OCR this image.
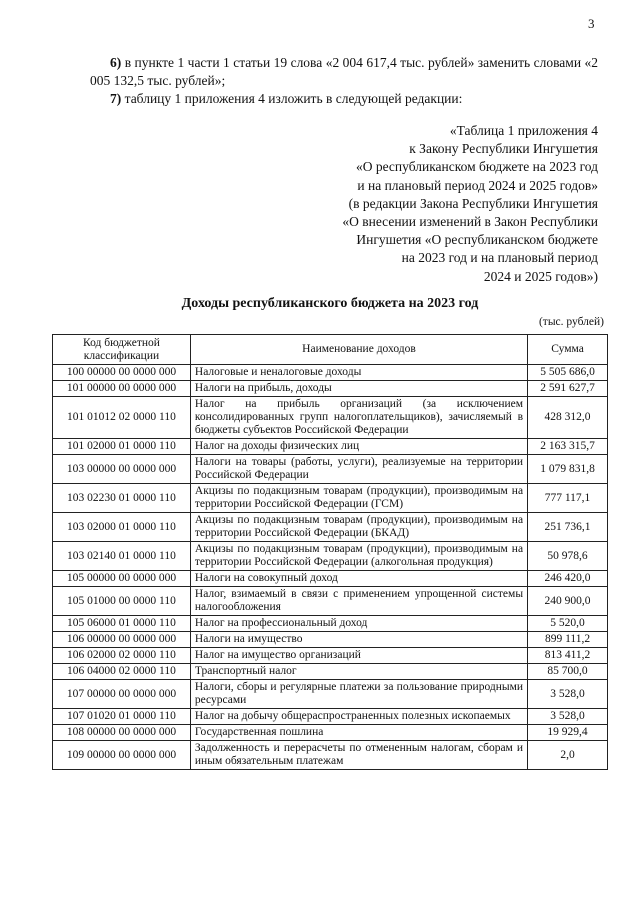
3
6) в пункте 1 части 1 статьи 19 слова «2 004 617,4 тыс. рублей» заменить словами «2 005 132,5 тыс. рублей»;
7) таблицу 1 приложения 4 изложить в следующей редакции:
«Таблица 1 приложения 4
к Закону Республики Ингушетия
«О республиканском бюджете на 2023 год
и на плановый период 2024 и 2025 годов»
(в редакции Закона Республики Ингушетия
«О внесении изменений в Закон Республики
Ингушетия «О республиканском бюджете
на 2023 год и на плановый период
2024 и 2025 годов»)
Доходы республиканского бюджета на 2023 год
(тыс. рублей)
Код бюджетной классификации	Наименование доходов	Сумма
100 00000 00 0000 000	Налоговые и неналоговые доходы	5 505 686,0
101 00000 00 0000 000	Налоги на прибыль, доходы	2 591 627,7
101 01012 02 0000 110	Налог на прибыль организаций (за исключением консолидированных групп налогоплательщиков), зачисляемый в бюджеты субъектов Российской Федерации	428 312,0
101 02000 01 0000 110	Налог на доходы физических лиц	2 163 315,7
103 00000 00 0000 000	Налоги на товары (работы, услуги), реализуемые на территории Российской Федерации	1 079 831,8
103 02230 01 0000 110	Акцизы по подакцизным товарам (продукции), производимым на территории Российской Федерации (ГСМ)	777 117,1
103 02000 01 0000 110	Акцизы по подакцизным товарам (продукции), производимым на территории Российской Федерации (БКАД)	251 736,1
103 02140 01 0000 110	Акцизы по подакцизным товарам (продукции), производимым на территории Российской Федерации (алкогольная продукция)	50 978,6
105 00000 00 0000 000	Налоги на совокупный доход	246 420,0
105 01000 00 0000 110	Налог, взимаемый в связи с применением упрощенной системы налогообложения	240 900,0
105 06000 01 0000 110	Налог на профессиональный доход	5 520,0
106 00000 00 0000 000	Налоги на имущество	899 111,2
106 02000 02 0000 110	Налог на имущество организаций	813 411,2
106 04000 02 0000 110	Транспортный налог	85 700,0
107 00000 00 0000 000	Налоги, сборы и регулярные платежи за пользование природными ресурсами	3 528,0
107 01020 01 0000 110	Налог на добычу общераспространенных полезных ископаемых	3 528,0
108 00000 00 0000 000	Государственная пошлина	19 929,4
109 00000 00 0000 000	Задолженность и перерасчеты по отмененным налогам, сборам и иным обязательным платежам	2,0
